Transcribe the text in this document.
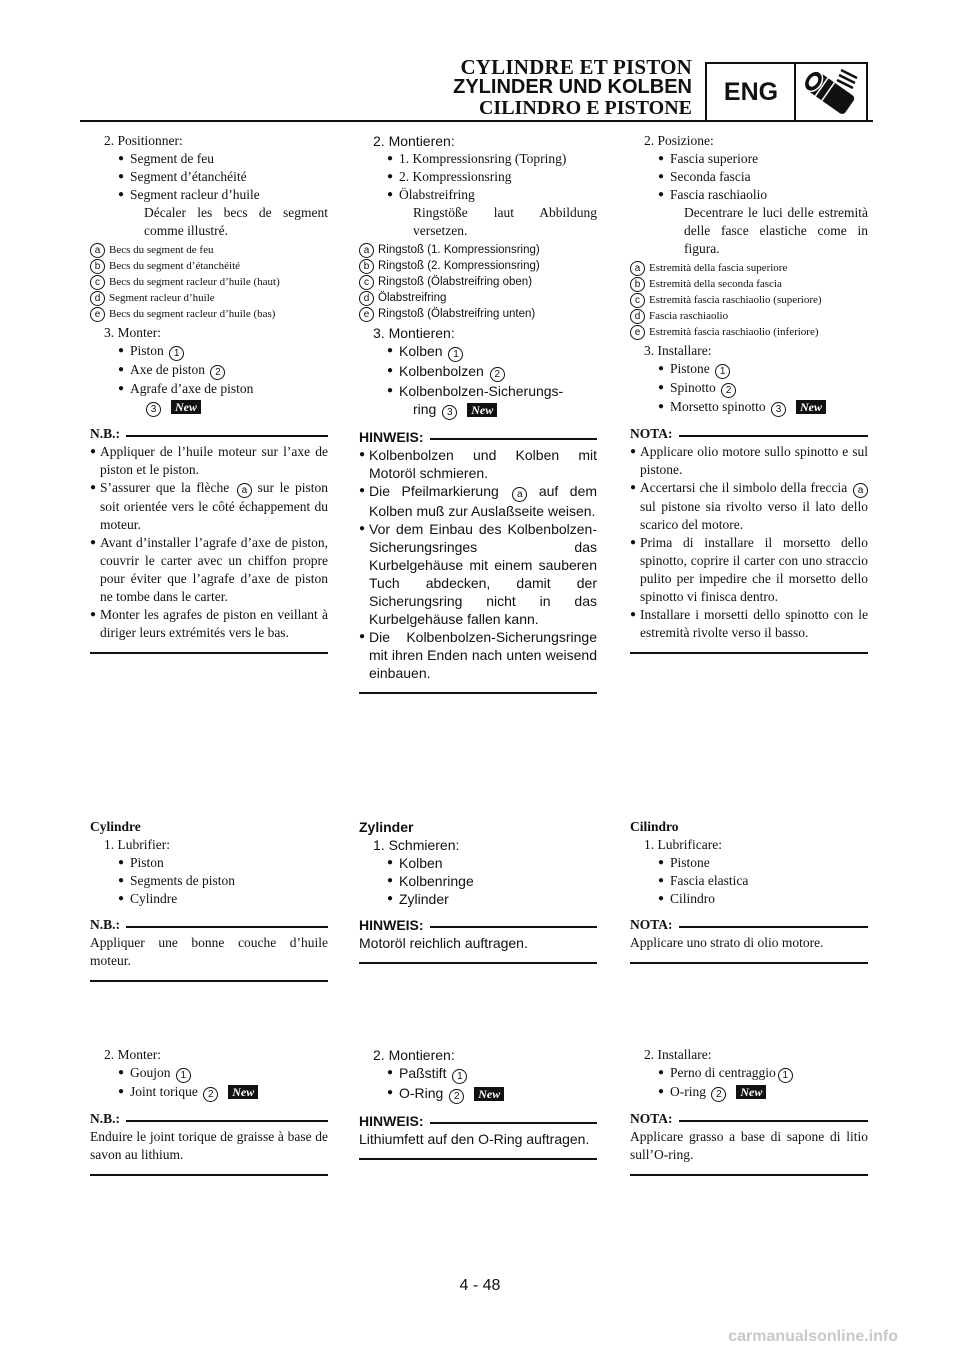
CYLINDRE ET PISTON
ZYLINDER UND KOLBEN
CILINDRO E PISTONE
ENG

2. Positionner:

● Segment de feu

● Segment d’étanchéité

● Segment racleur d’huile

Décaler les becs de segment comme illustré.

a Becs du segment de feu
b Becs du segment d’étanchéité
c Becs du segment racleur d’huile (haut)
d Segment racleur d’huile
e Becs du segment racleur d’huile (bas)

3. Monter:

● Piston 1

● Axe de piston 2

● Agrafe d’axe de piston

3 New

N.B.:

● Appliquer de l’huile moteur sur l’axe de piston et le piston.

● S’assurer que la flèche a sur le piston soit orientée vers le côté échappement du moteur.

● Avant d’installer l’agrafe d’axe de piston, couvrir le carter avec un chiffon propre pour éviter que l’agrafe d’axe de piston ne tombe dans le carter.

● Monter les agrafes de piston en veillant à diriger leurs extrémités vers le bas.

Cylindre

1. Lubrifier:

● Piston

● Segments de piston

● Cylindre

N.B.:

Appliquer une bonne couche d’huile moteur.

2. Monter:

● Goujon 1

● Joint torique 2 New

N.B.:

Enduire le joint torique de graisse à base de savon au lithium.

2. Montieren:

● 1. Kompressionsring (Topring)

● 2. Kompressionsring

● Ölabstreifring

Ringstöße laut Abbildung versetzen.

a Ringstoß (1. Kompressionsring)
b Ringstoß (2. Kompressionsring)
c Ringstoß (Ölabstreifring oben)
d Ölabstreifring
e Ringstoß (Ölabstreifring unten)

3. Montieren:

● Kolben 1

● Kolbenbolzen 2

● Kolbenbolzen-Sicherungs-

ring 3 New

HINWEIS:

● Kolbenbolzen und Kolben mit Motoröl schmieren.

● Die Pfeilmarkierung a auf dem Kolben muß zur Auslaßseite weisen.

● Vor dem Einbau des Kolbenbolzen-Sicherungsringes das Kurbelgehäuse mit einem sauberen Tuch abdecken, damit der Sicherungsring nicht in das Kurbelgehäuse fallen kann.

● Die Kolbenbolzen-Sicherungsringe mit ihren Enden nach unten weisend einbauen.

Zylinder

1. Schmieren:

● Kolben

● Kolbenringe

● Zylinder

HINWEIS:

Motoröl reichlich auftragen.

2. Montieren:

● Paßstift 1

● O-Ring 2 New

HINWEIS:

Lithiumfett auf den O-Ring auftragen.

2. Posizione:

● Fascia superiore

● Seconda fascia

● Fascia raschiaolio

Decentrare le luci delle estremità delle fasce elastiche come in figura.

a Estremità della fascia superiore
b Estremità della seconda fascia
c Estremità fascia raschiaolio (superiore)
d Fascia raschiaolio
e Estremità fascia raschiaolio (inferiore)

3. Installare:

● Pistone 1

● Spinotto 2

● Morsetto spinotto 3 New

NOTA:

● Applicare olio motore sullo spinotto e sul pistone.

● Accertarsi che il simbolo della freccia a sul pistone sia rivolto verso il lato dello scarico del motore.

● Prima di installare il morsetto dello spinotto, coprire il carter con uno straccio pulito per impedire che il morsetto dello spinotto vi finisca dentro.

● Installare i morsetti dello spinotto con le estremità rivolte verso il basso.

Cilindro

1. Lubrificare:

● Pistone

● Fascia elastica

● Cilindro

NOTA:

Applicare uno strato di olio motore.

2. Installare:

● Perno di centraggio 1

● O-ring 2 New

NOTA:

Applicare grasso a base di sapone di litio sull’O-ring.

4 - 48
carmanualsonline.info
